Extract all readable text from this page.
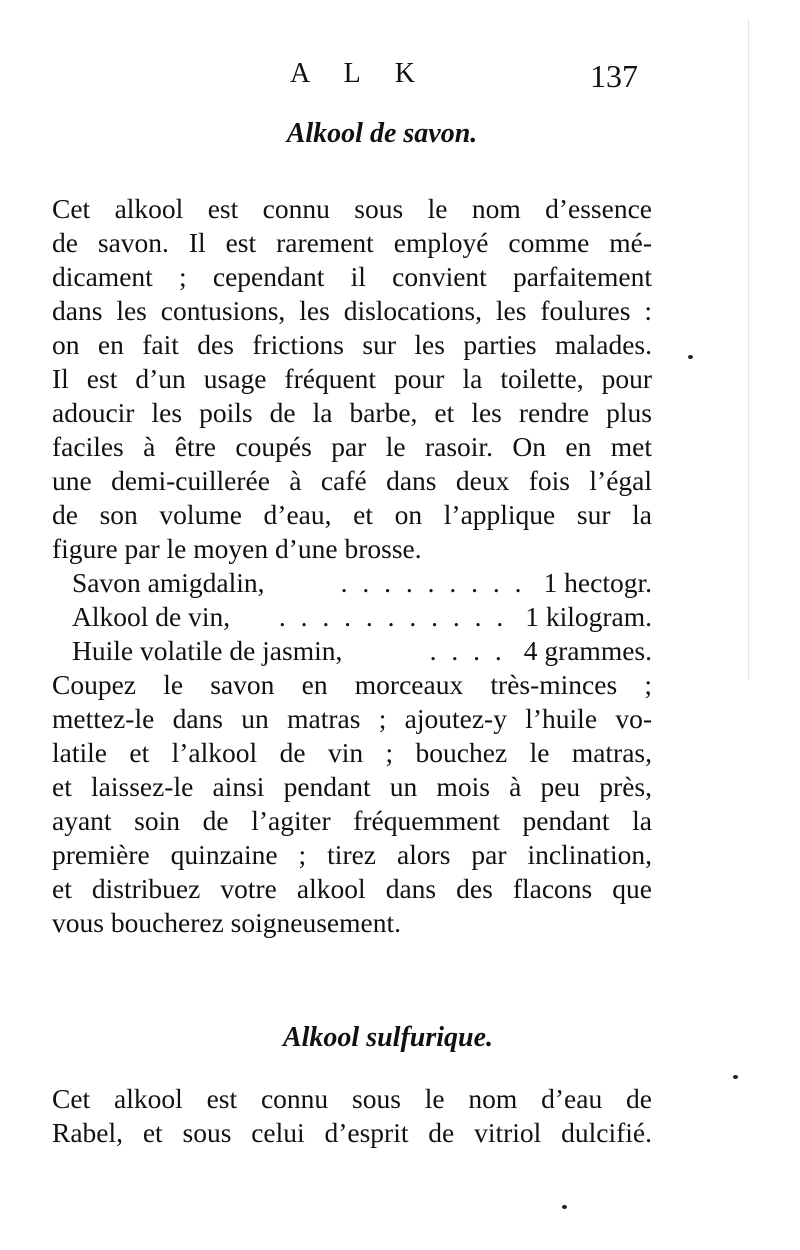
A L K	137
Alkool de savon.
Cet alkool est connu sous le nom d’essence
de savon. Il est rarement employé comme mé-
dicament ; cependant il convient parfaitement
dans les contusions, les dislocations, les foulures :
on en fait des frictions sur les parties malades.
Il est d’un usage fréquent pour la toilette, pour
adoucir les poils de la barbe, et les rendre plus
faciles à être coupés par le rasoir. On en met
une demi-cuillerée à café dans deux fois l’égal
de son volume d’eau, et on l’applique sur la
figure par le moyen d’une brosse.
Savon amigdalin,	. . . . . . . . . 1 hectogr.
Alkool de vin,	. . . . . . . . . . . 1 kilogram.
Huile volatile de jasmin,	. . . . 4 grammes.
Coupez le savon en morceaux très-minces ;
mettez-le dans un matras ; ajoutez-y l’huile vo-
latile et l’alkool de vin ; bouchez le matras,
et laissez-le ainsi pendant un mois à peu près,
ayant soin de l’agiter fréquemment pendant la
première quinzaine ; tirez alors par inclination,
et distribuez votre alkool dans des flacons que
vous boucherez soigneusement.
Alkool sulfurique.
Cet alkool est connu sous le nom d’eau de
Rabel, et sous celui d’esprit de vitriol dulcifié.
